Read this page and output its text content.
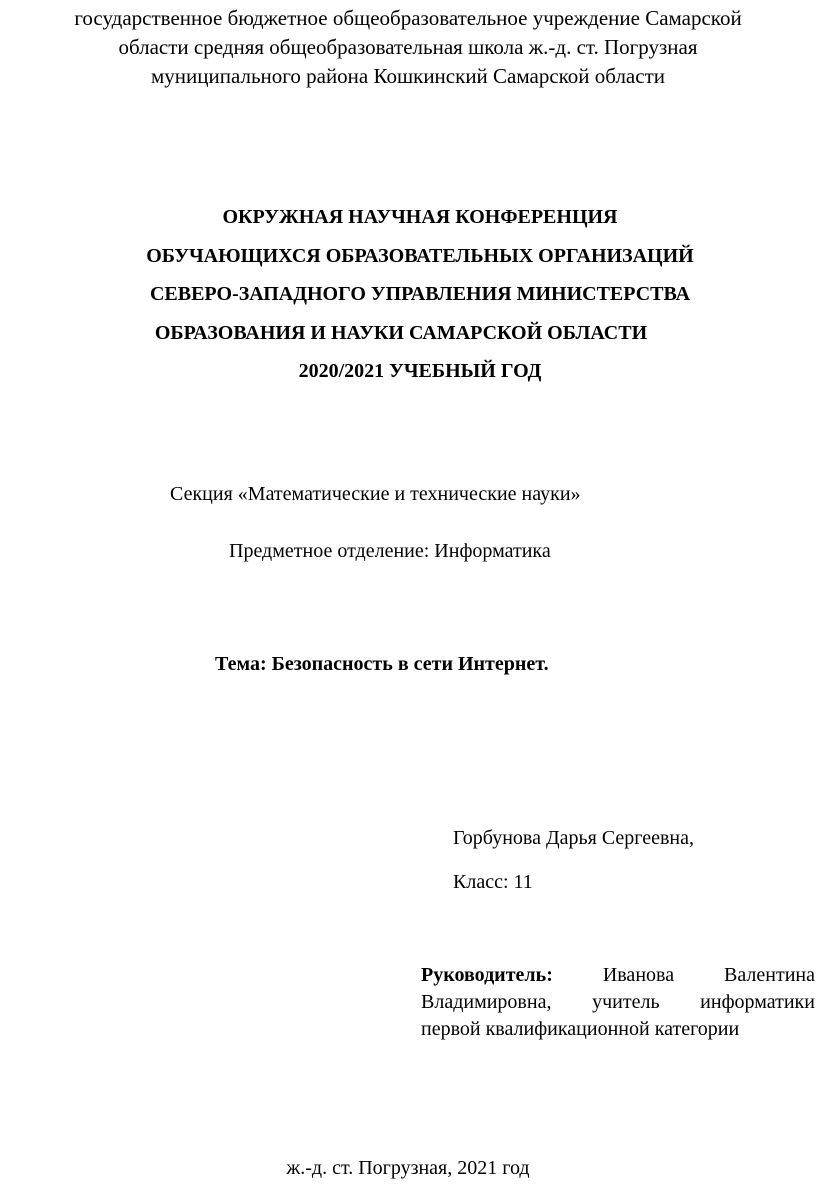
государственное бюджетное общеобразовательное учреждение Самарской
области средняя общеобразовательная школа ж.-д. ст. Погрузная
муниципального района Кошкинский Самарской области
ОКРУЖНАЯ НАУЧНАЯ КОНФЕРЕНЦИЯ
ОБУЧАЮЩИХСЯ ОБРАЗОВАТЕЛЬНЫХ ОРГАНИЗАЦИЙ
СЕВЕРО-ЗАПАДНОГО УПРАВЛЕНИЯ МИНИСТЕРСТВА
ОБРАЗОВАНИЯ И НАУКИ САМАРСКОЙ ОБЛАСТИ
2020/2021 УЧЕБНЫЙ ГОД
Секция «Математические и технические науки»
Предметное отделение: Информатика
Тема: Безопасность в сети Интернет.
Горбунова Дарья Сергеевна,
Класс: 11
Руководитель: Иванова Валентина
Владимировна, учитель информатики
первой квалификационной категории
ж.-д. ст. Погрузная, 2021 год
